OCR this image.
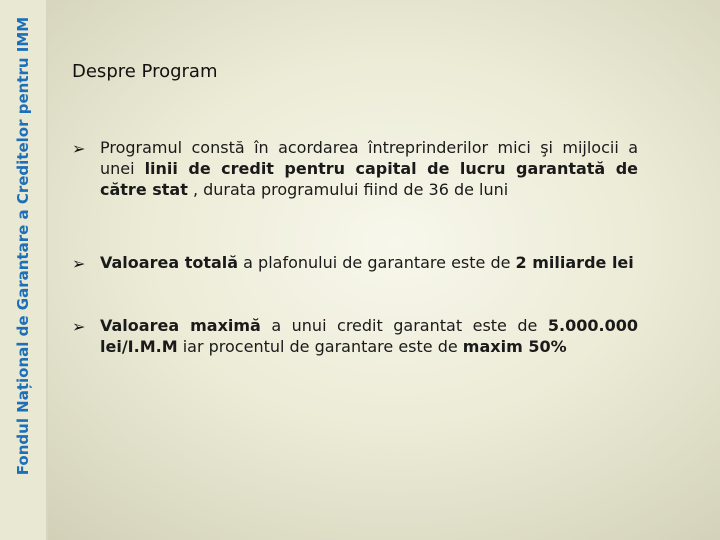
Fondul Național de Garantare a Creditelor pentru IMM Despre Program
➢ Programul constă în acordarea întreprinderilor mici şi mijlocii a unei linii de credit pentru capital de lucru garantată de către stat , durata programului fiind de 36 de luni
➢ Valoarea totală a plafonului de garantare este de 2 miliarde lei
➢ Valoarea maximă a unui credit garantat este de 5.000.000 lei/I.M.M iar procentul de garantare este de maxim 50%
